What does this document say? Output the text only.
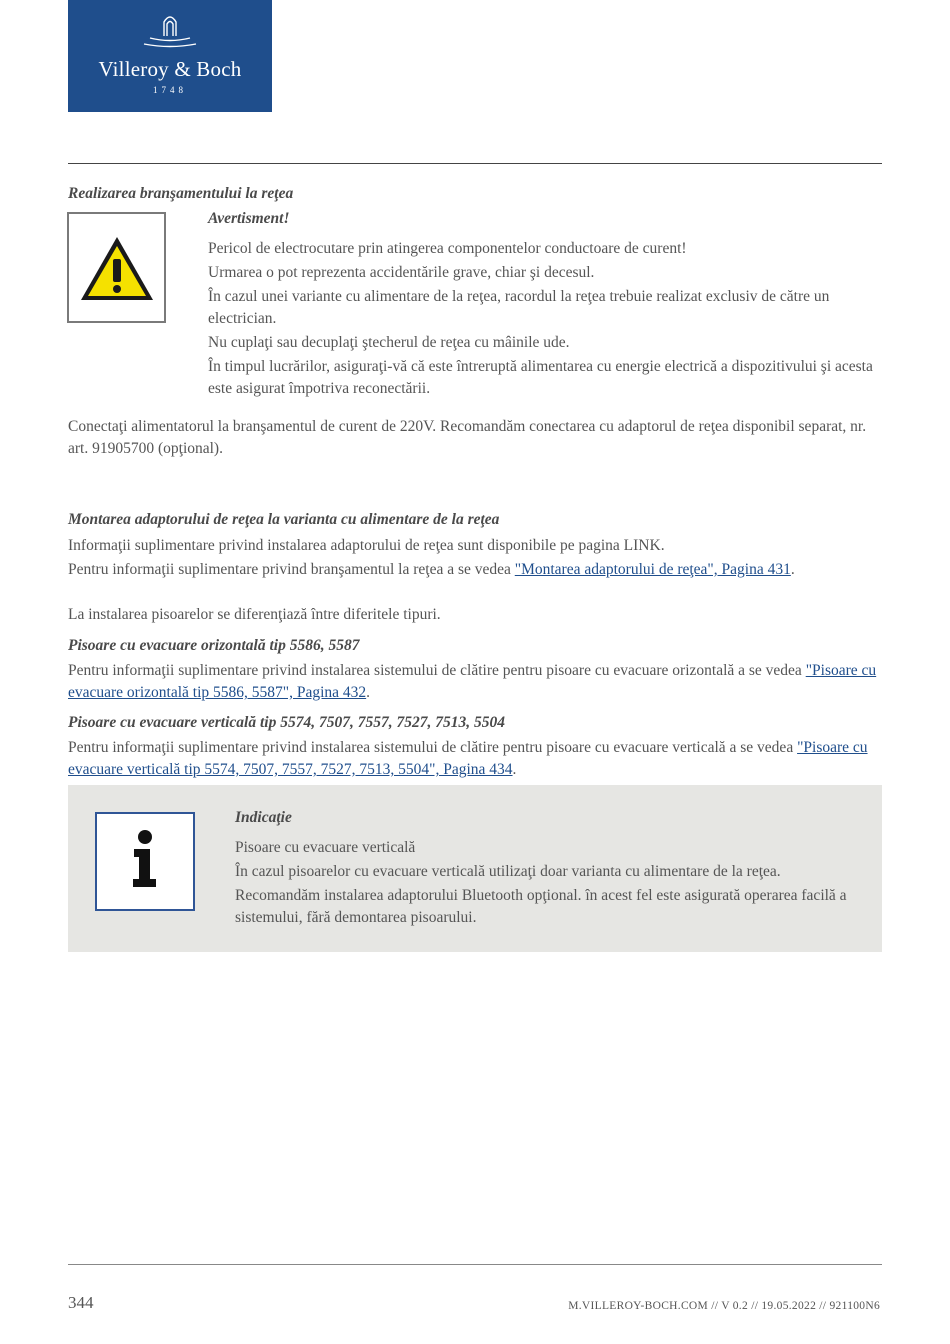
Villeroy & Boch
1748
Realizarea branşamentului la reţea

Avertisment!

Pericol de electrocutare prin atingerea componentelor conductoare de curent!

Urmarea o pot reprezenta accidentările grave, chiar şi decesul.

În cazul unei variante cu alimentare de la reţea, racordul la reţea trebuie realizat exclusiv de către un electrician.

Nu cuplaţi sau decuplaţi ştecherul de reţea cu mâinile ude.

În timpul lucrărilor, asiguraţi-vă că este întreruptă alimentarea cu energie electrică a dispozitivului şi acesta este asigurat împotriva reconectării.

Conectaţi alimentatorul la branşamentul de curent de 220V. Recomandăm conectarea cu adaptorul de reţea disponibil separat, nr. art. 91905700 (opţional).

Montarea adaptorului de reţea la varianta cu alimentare de la reţea

Informaţii suplimentare privind instalarea adaptorului de reţea sunt disponibile pe pagina LINK.

Pentru informaţii suplimentare privind branşamentul la reţea a se vedea "Montarea adaptorului de reţea", Pagina 431.

La instalarea pisoarelor se diferenţiază între diferitele tipuri.

Pisoare cu evacuare orizontală tip 5586, 5587

Pentru informaţii suplimentare privind instalarea sistemului de clătire pentru pisoare cu evacuare orizontală a se vedea "Pisoare cu evacuare orizontală tip 5586, 5587", Pagina 432.

Pisoare cu evacuare verticală tip 5574, 7507, 7557, 7527, 7513, 5504

Pentru informaţii suplimentare privind instalarea sistemului de clătire pentru pisoare cu evacuare verticală a se vedea "Pisoare cu evacuare verticală tip 5574, 7507, 7557, 7527, 7513, 5504", Pagina 434.

Indicaţie

Pisoare cu evacuare verticală

În cazul pisoarelor cu evacuare verticală utilizaţi doar varianta cu alimentare de la reţea.

Recomandăm instalarea adaptorului Bluetooth opţional. în acest fel este asigurată operarea facilă a sistemului, fără demontarea pisoarului.

344	M.VILLEROY-BOCH.COM // V 0.2 // 19.05.2022 // 921100N6
